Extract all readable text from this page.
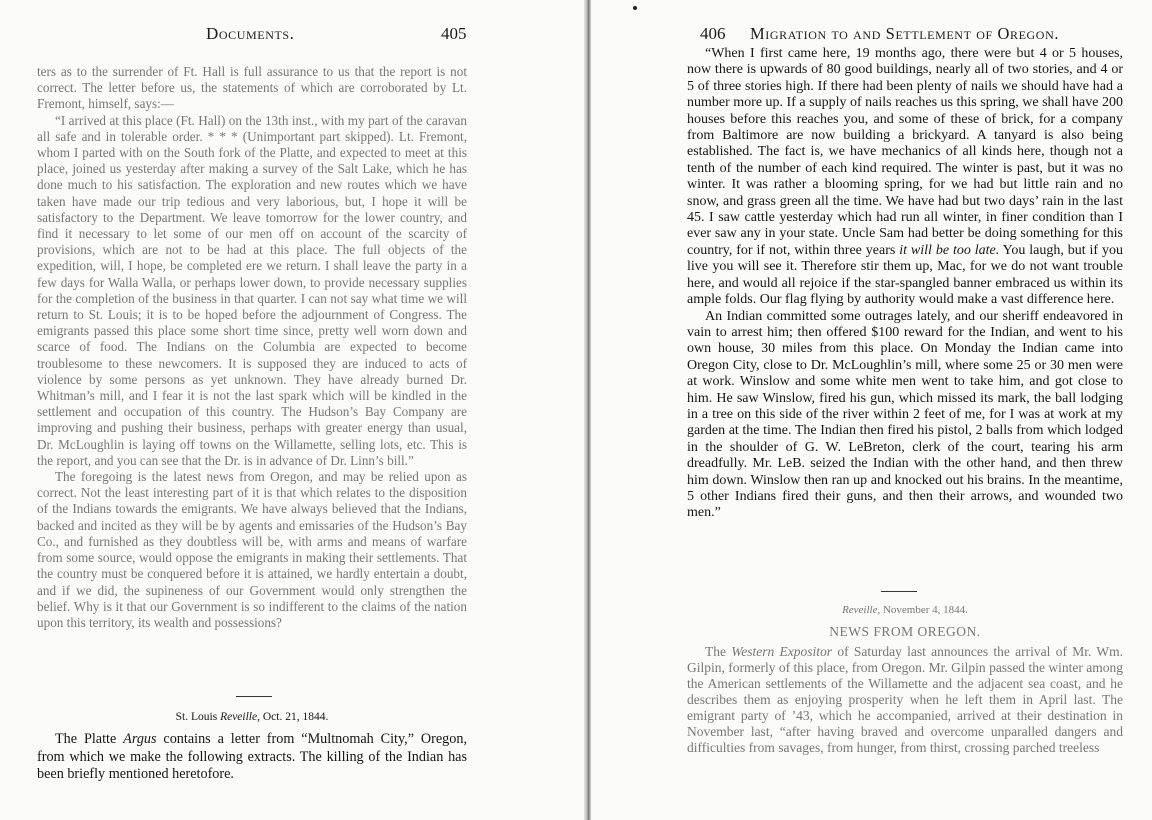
Documents.	405

ters as to the surrender of Ft. Hall is full assurance to us that the report is not correct. The letter before us, the statements of which are corroborated by Lt. Fremont, himself, says:—

“I arrived at this place (Ft. Hall) on the 13th inst., with my part of the caravan all safe and in tolerable order. * * * (Unimportant part skipped). Lt. Fremont, whom I parted with on the South fork of the Platte, and expected to meet at this place, joined us yesterday after making a survey of the Salt Lake, which he has done much to his satisfaction. The exploration and new routes which we have taken have made our trip tedious and very laborious, but, I hope it will be satisfactory to the Department. We leave tomorrow for the lower country, and find it necessary to let some of our men off on account of the scarcity of provisions, which are not to be had at this place. The full objects of the expedition, will, I hope, be completed ere we return. I shall leave the party in a few days for Walla Walla, or perhaps lower down, to provide necessary supplies for the completion of the business in that quarter. I can not say what time we will return to St. Louis; it is to be hoped before the adjournment of Congress. The emigrants passed this place some short time since, pretty well worn down and scarce of food. The Indians on the Columbia are expected to become troublesome to these newcomers. It is supposed they are induced to acts of violence by some persons as yet unknown. They have already burned Dr. Whitman’s mill, and I fear it is not the last spark which will be kindled in the settlement and occupation of this country. The Hudson’s Bay Company are improving and pushing their business, perhaps with greater energy than usual, Dr. McLoughlin is laying off towns on the Willamette, selling lots, etc. This is the report, and you can see that the Dr. is in advance of Dr. Linn’s bill.”

The foregoing is the latest news from Oregon, and may be relied upon as correct. Not the least interesting part of it is that which relates to the disposition of the Indians towards the emigrants. We have always believed that the Indians, backed and incited as they will be by agents and emissaries of the Hudson’s Bay Co., and furnished as they doubtless will be, with arms and means of warfare from some source, would oppose the emigrants in making their settlements. That the country must be conquered before it is attained, we hardly entertain a doubt, and if we did, the supineness of our Government would only strengthen the belief. Why is it that our Government is so indifferent to the claims of the nation upon this territory, its wealth and possessions?

St. Louis Reveille, Oct. 21, 1844.

The Platte Argus contains a letter from “Multnomah City,” Oregon, from which we make the following extracts. The killing of the Indian has been briefly mentioned heretofore.

406 Migration to and Settlement of Oregon.

“When I first came here, 19 months ago, there were but 4 or 5 houses, now there is upwards of 80 good buildings, nearly all of two stories, and 4 or 5 of three stories high. If there had been plenty of nails we should have had a number more up. If a supply of nails reaches us this spring, we shall have 200 houses before this reaches you, and some of these of brick, for a company from Baltimore are now building a brickyard. A tanyard is also being established. The fact is, we have mechanics of all kinds here, though not a tenth of the number of each kind required. The winter is past, but it was no winter. It was rather a blooming spring, for we had but little rain and no snow, and grass green all the time. We have had but two days’ rain in the last 45. I saw cattle yesterday which had run all winter, in finer condition than I ever saw any in your state. Uncle Sam had better be doing something for this country, for if not, within three years it will be too late. You laugh, but if you live you will see it. Therefore stir them up, Mac, for we do not want trouble here, and would all rejoice if the star-spangled banner embraced us within its ample folds. Our flag flying by authority would make a vast difference here.

An Indian committed some outrages lately, and our sheriff endeavored in vain to arrest him; then offered $100 reward for the Indian, and went to his own house, 30 miles from this place. On Monday the Indian came into Oregon City, close to Dr. McLoughlin’s mill, where some 25 or 30 men were at work. Winslow and some white men went to take him, and got close to him. He saw Winslow, fired his gun, which missed its mark, the ball lodging in a tree on this side of the river within 2 feet of me, for I was at work at my garden at the time. The Indian then fired his pistol, 2 balls from which lodged in the shoulder of G. W. LeBreton, clerk of the court, tearing his arm dreadfully. Mr. LeB. seized the Indian with the other hand, and then threw him down. Winslow then ran up and knocked out his brains. In the meantime, 5 other Indians fired their guns, and then their arrows, and wounded two men.”

Reveille, November 4, 1844.
NEWS FROM OREGON.

The Western Expositor of Saturday last announces the arrival of Mr. Wm. Gilpin, formerly of this place, from Oregon. Mr. Gilpin passed the winter among the American settlements of the Willamette and the adjacent sea coast, and he describes them as enjoying prosperity when he left them in April last. The emigrant party of ’43, which he accompanied, arrived at their destination in November last, “after having braved and overcome unparalled dangers and difficulties from savages, from hunger, from thirst, crossing parched treeless
